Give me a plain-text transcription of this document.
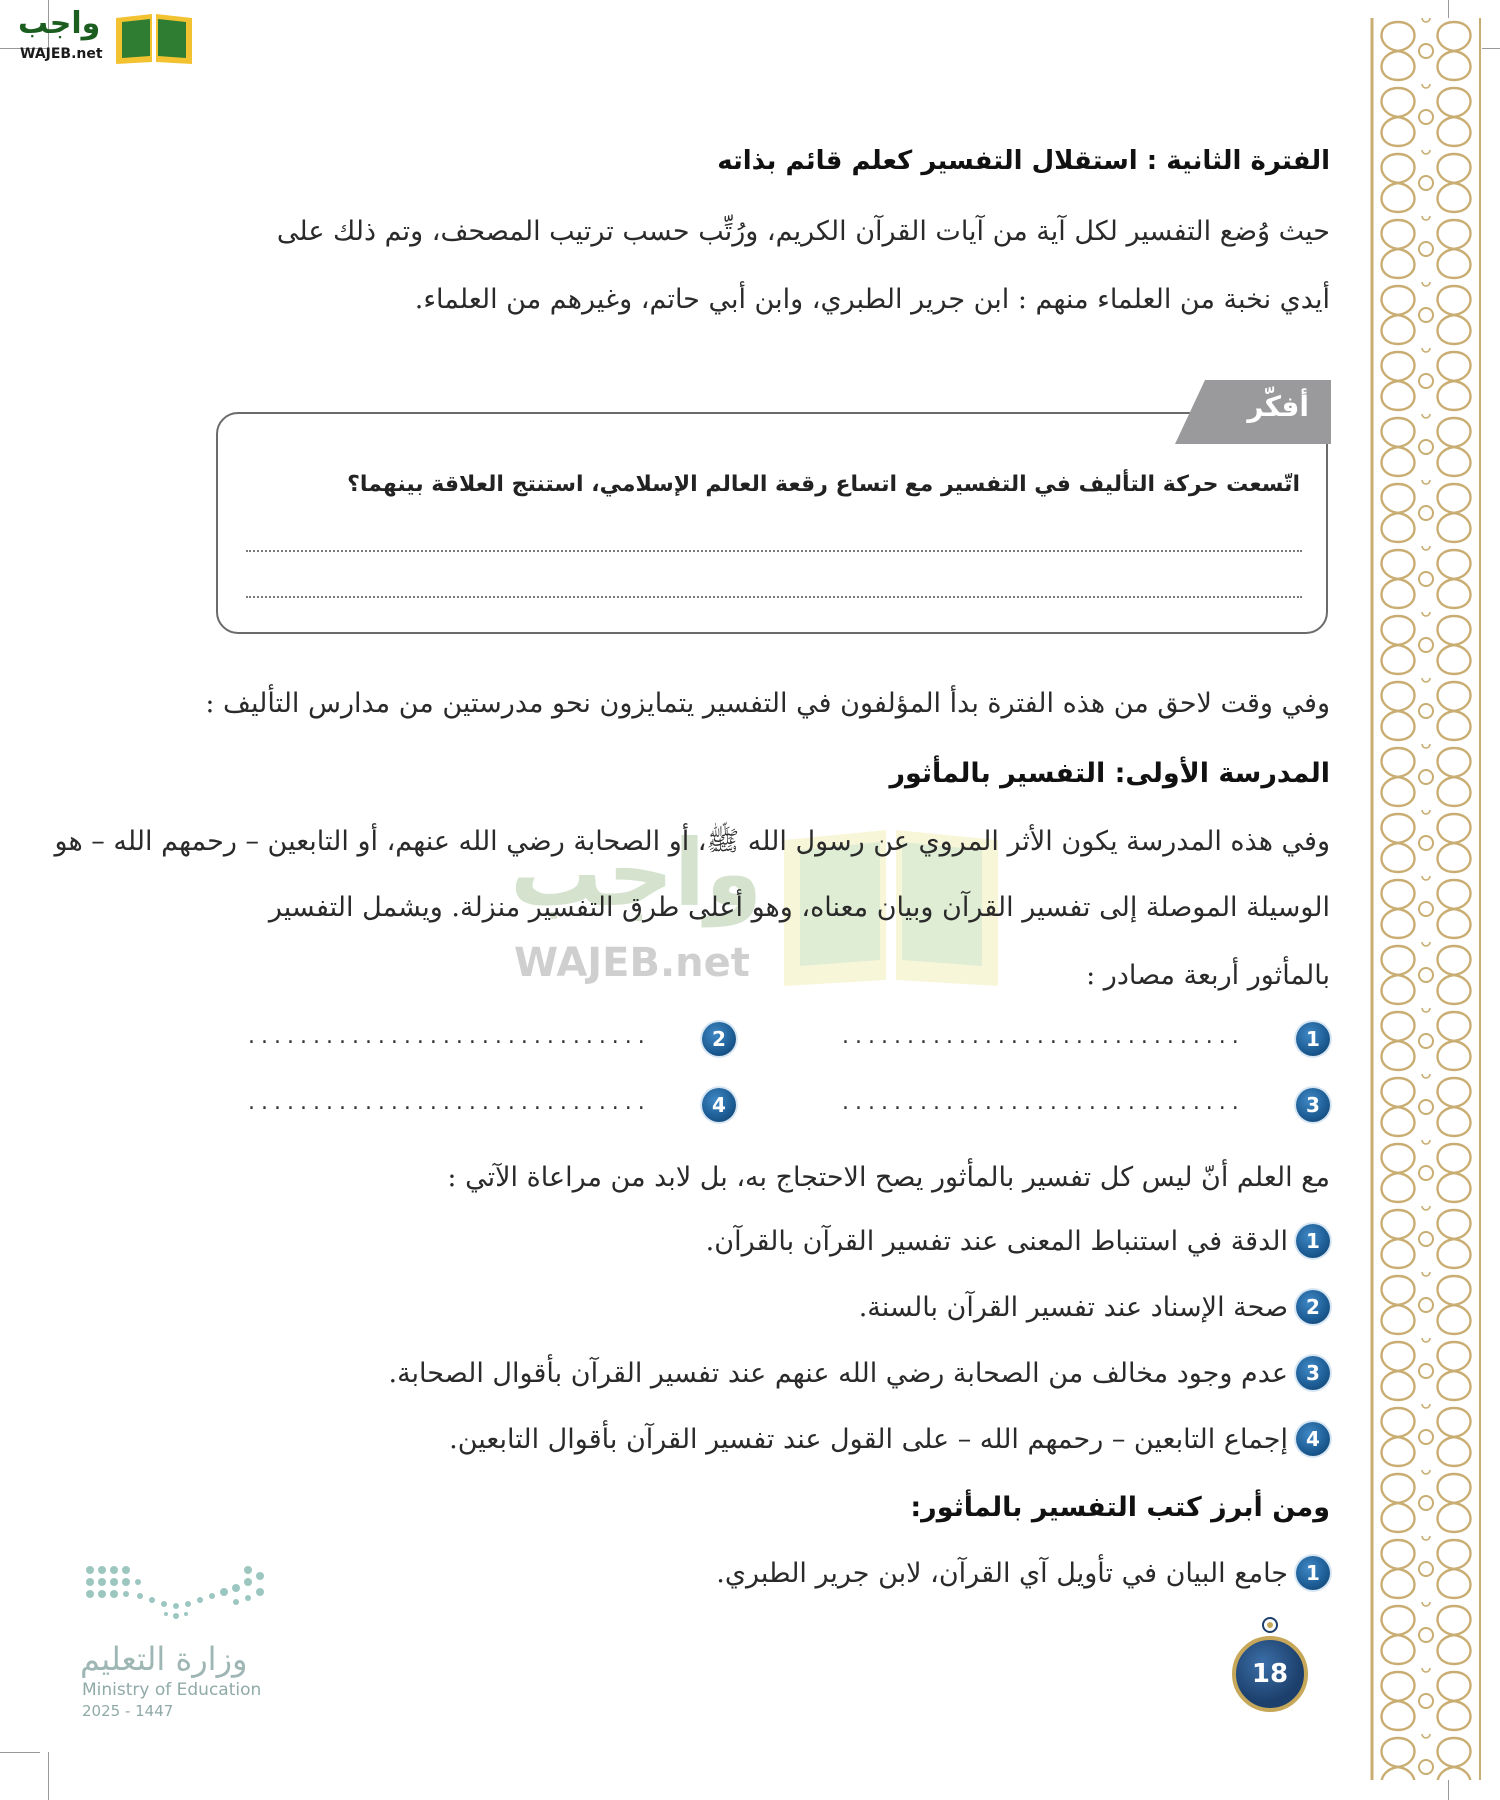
واجب
WAJEB.net
واجب
WAJEB.net
الفترة الثانية : استقلال التفسير كعلم قائم بذاته
حيث وُضع التفسير لكل آية من آيات القرآن الكريم، ورُتِّب حسب ترتيب المصحف، وتم ذلك على
أيدي نخبة من العلماء منهم : ابن جرير الطبري، وابن أبي حاتم، وغيرهم من العلماء.
أفكّر
اتّسعت حركة التأليف في التفسير مع اتساع رقعة العالم الإسلامي، استنتج العلاقة بينهما؟
وفي وقت لاحق من هذه الفترة بدأ المؤلفون في التفسير يتمايزون نحو مدرستين من مدارس التأليف :
المدرسة الأولى: التفسير بالمأثور
وفي هذه المدرسة يكون الأثر المروي عن رسول الله ﷺ، أو الصحابة رضي الله عنهم، أو التابعين – رحمهم الله – هو
الوسيلة الموصلة إلى تفسير القرآن وبيان معناه، وهو أعلى طرق التفسير منزلة. ويشمل التفسير
بالمأثور أربعة مصادر :
1
...............................
2
...............................
3
...............................
4
...............................
مع العلم أنّ ليس كل تفسير بالمأثور يصح الاحتجاج به، بل لابد من مراعاة الآتي :
1
الدقة في استنباط المعنى عند تفسير القرآن بالقرآن.
2
صحة الإسناد عند تفسير القرآن بالسنة.
3
عدم وجود مخالف من الصحابة رضي الله عنهم عند تفسير القرآن بأقوال الصحابة.
4
إجماع التابعين – رحمهم الله – على القول عند تفسير القرآن بأقوال التابعين.
ومن أبرز كتب التفسير بالمأثور:
1
جامع البيان في تأويل آي القرآن، لابن جرير الطبري.
18
وزارة التعليم
Ministry of Education
2025 - 1447
